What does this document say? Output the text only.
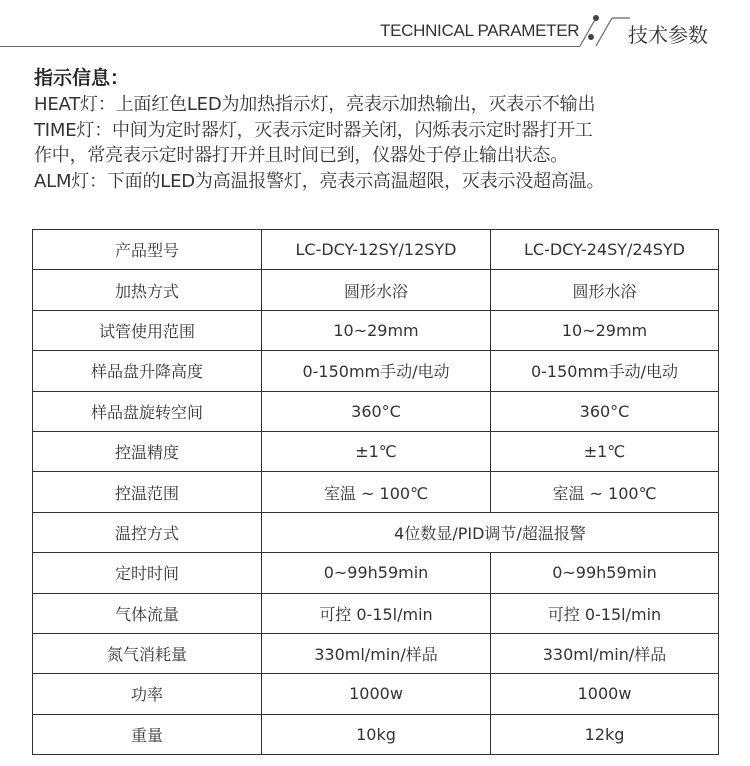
TECHNICAL PARAMETER 技术参数
指示信息：
HEAT灯：上面红色LED为加热指示灯，亮表示加热输出，灭表示不输出
TIME灯：中间为定时器灯，灭表示定时器关闭，闪烁表示定时器打开工
作中，常亮表示定时器打开并且时间已到，仪器处于停止输出状态。
ALM灯：下面的LED为高温报警灯，亮表示高温超限，灭表示没超高温。
产品型号	LC-DCY-12SY/12SYD	LC-DCY-24SY/24SYD
加热方式	圆形水浴	圆形水浴
试管使用范围	10~29mm	10~29mm
样品盘升降高度	0-150mm手动/电动	0-150mm手动/电动
样品盘旋转空间	360°C	360°C
控温精度	±1℃	±1℃
控温范围	室温 ~ 100℃	室温 ~ 100℃
温控方式	4位数显/PID调节/超温报警	
定时时间	0~99h59min	0~99h59min
气体流量	可控 0-15l/min	可控 0-15l/min
氮气消耗量	330ml/min/样品	330ml/min/样品
功率	1000w	1000w
重量	10kg	12kg
